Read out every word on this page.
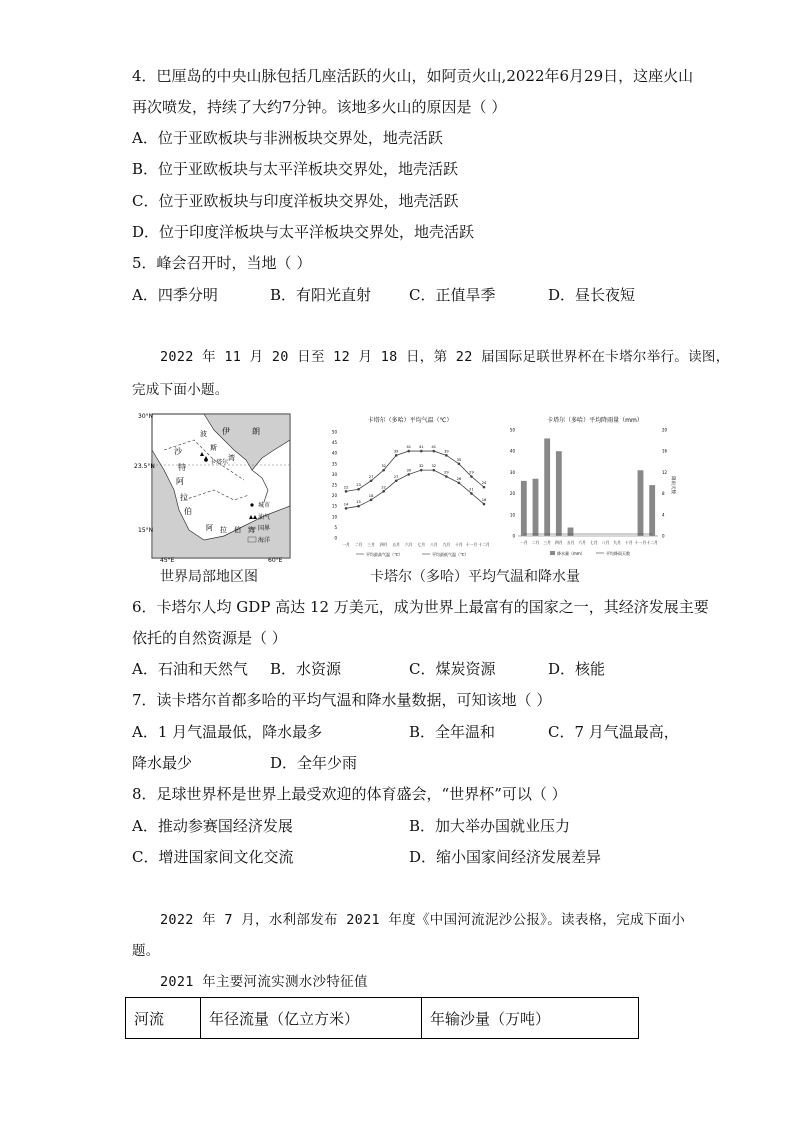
4．巴厘岛的中央山脉包括几座活跃的火山，如阿贡火山,2022年6月29日，这座火山
再次喷发，持续了大约7分钟。该地多火山的原因是（ ）
A．位于亚欧板块与非洲板块交界处，地壳活跃
B．位于亚欧板块与太平洋板块交界处，地壳活跃
C．位于亚欧板块与印度洋板块交界处，地壳活跃
D．位于印度洋板块与太平洋板块交界处，地壳活跃
5．峰会召开时，当地（ ）
A．四季分明	B．有阳光直射	C．正值旱季	D．昼长夜短
2022 年 11 月 20 日至 12 月 18 日，第 22 届国际足联世界杯在卡塔尔举行。读图，
完成下面小题。
沙
特
阿
拉
伯
伊	朗
波
斯
湾
卡塔尔
阿 拉 伯 海
30°N
23.5°N
15°N
45°E	60°E
城市
油气
国界
海洋
世界局部地区图
卡塔尔（多哈）平均气温（℃）
0
5
10
15
20
25
30
35
40
45
50
一月 二月 三月 四月 五月 六月 七月 八月 九月 十月 十一月 十二月
22
23
27
32
39
41 41 41
39
35
29
24
14
15
18
22
27
30
32 32
29
26
21
16
平均最高气温（℃）	平均最低气温（℃）
卡塔尔（多哈）平均降雨量（mm）
0
10
20
30
40
50
0
4
8
12
16
20
一月 二月 三月 四月 五月 六月 七月 八月 九月 十月 十一月 十二月
降雨天数
降水量（mm）	平均降雨天数
卡塔尔（多哈）平均气温和降水量
6．卡塔尔人均 GDP 高达 12 万美元，成为世界上最富有的国家之一，其经济发展主要
依托的自然资源是（ ）
A．石油和天然气 B．水资源	C．煤炭资源	D．核能
7．读卡塔尔首都多哈的平均气温和降水量数据，可知该地（ ）
A．1 月气温最低，降水最多	B．全年温和	C．7 月气温最高，
降水最少	D．全年少雨
8．足球世界杯是世界上最受欢迎的体育盛会，“世界杯”可以（ ）
A．推动参赛国经济发展	B．加大举办国就业压力
C．增进国家间文化交流	D．缩小国家间经济发展差异
2022 年 7 月，水利部发布 2021 年度《中国河流泥沙公报》。读表格，完成下面小
题。
2021 年主要河流实测水沙特征值
河流	年径流量（亿立方米）	年输沙量（万吨）
